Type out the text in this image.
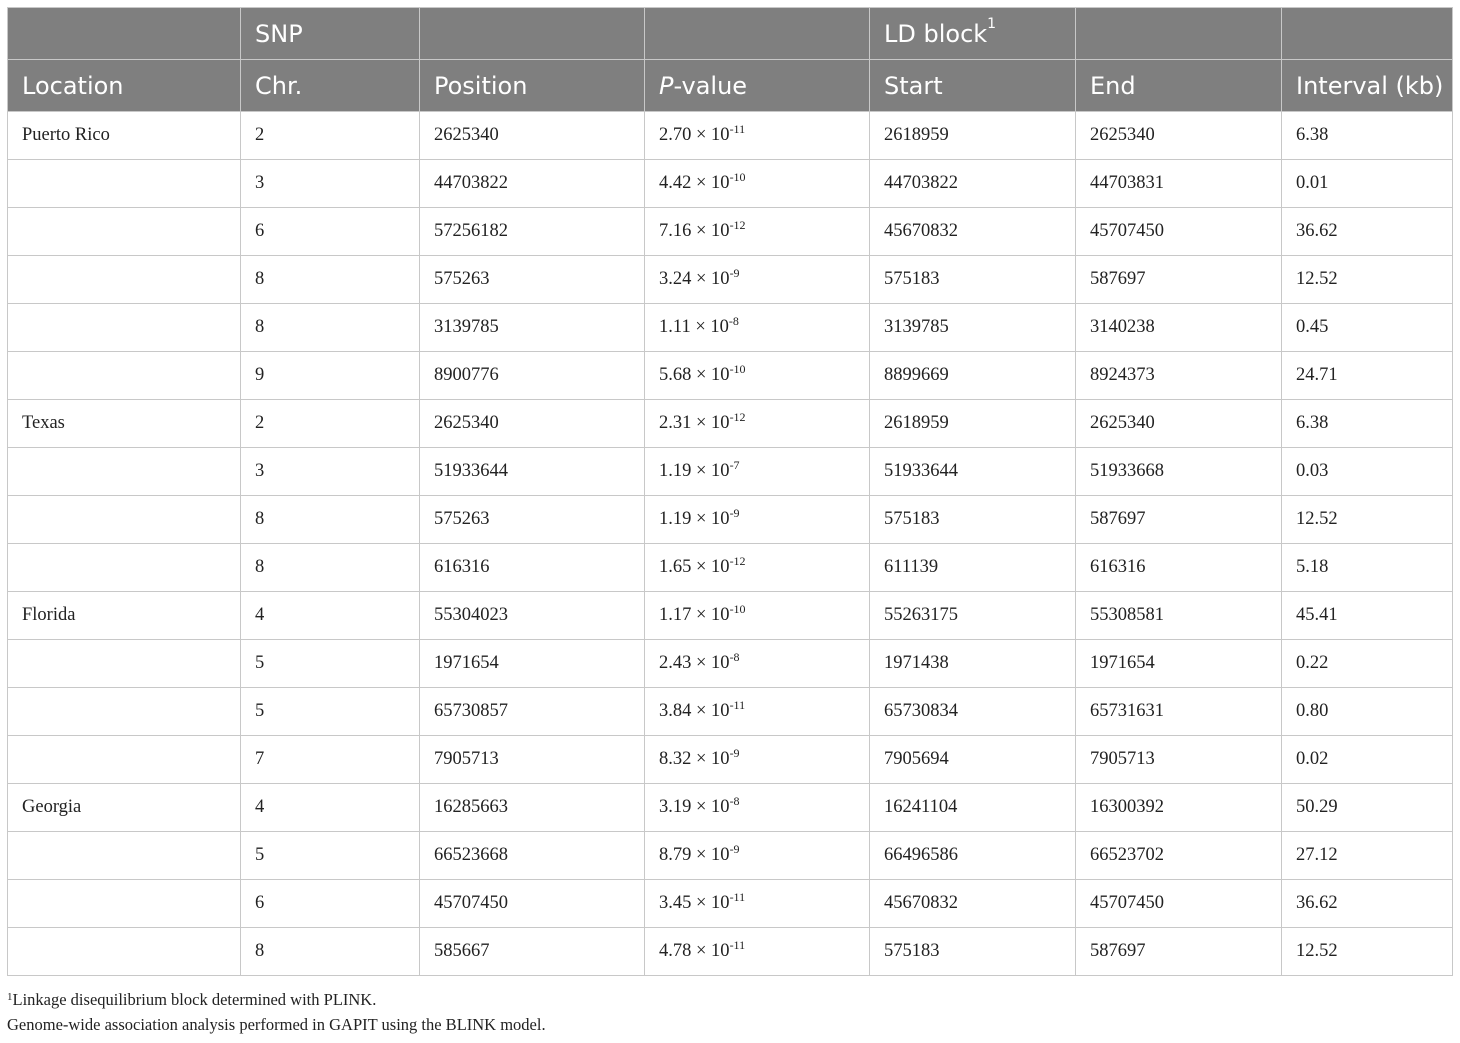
	SNP			LD block$^1$		
Location	Chr.	Position	P-value	Start	End	Interval (kb)
Puerto Rico	2	2625340	$2.70 \times 10^{-11}$	2618959	2625340	6.38
	3	44703822	$4.42 \times 10^{-10}$	44703822	44703831	0.01
	6	57256182	$7.16 \times 10^{-12}$	45670832	45707450	36.62
	8	575263	$3.24 \times 10^{-9}$	575183	587697	12.52
	8	3139785	$1.11 \times 10^{-8}$	3139785	3140238	0.45
	9	8900776	$5.68 \times 10^{-10}$	8899669	8924373	24.71
Texas	2	2625340	$2.31 \times 10^{-12}$	2618959	2625340	6.38
	3	51933644	$1.19 \times 10^{-7}$	51933644	51933668	0.03
	8	575263	$1.19 \times 10^{-9}$	575183	587697	12.52
	8	616316	$1.65 \times 10^{-12}$	611139	616316	5.18
Florida	4	55304023	$1.17 \times 10^{-10}$	55263175	55308581	45.41
	5	1971654	$2.43 \times 10^{-8}$	1971438	1971654	0.22
	5	65730857	$3.84 \times 10^{-11}$	65730834	65731631	0.80
	7	7905713	$8.32 \times 10^{-9}$	7905694	7905713	0.02
Georgia	4	16285663	$3.19 \times 10^{-8}$	16241104	16300392	50.29
	5	66523668	$8.79 \times 10^{-9}$	66496586	66523702	27.12
	6	45707450	$3.45 \times 10^{-11}$	45670832	45707450	36.62
	8	585667	$4.78 \times 10^{-11}$	575183	587697	12.52
$^1$Linkage disequilibrium block determined with PLINK.
Genome-wide association analysis performed in GAPIT using the BLINK model.
